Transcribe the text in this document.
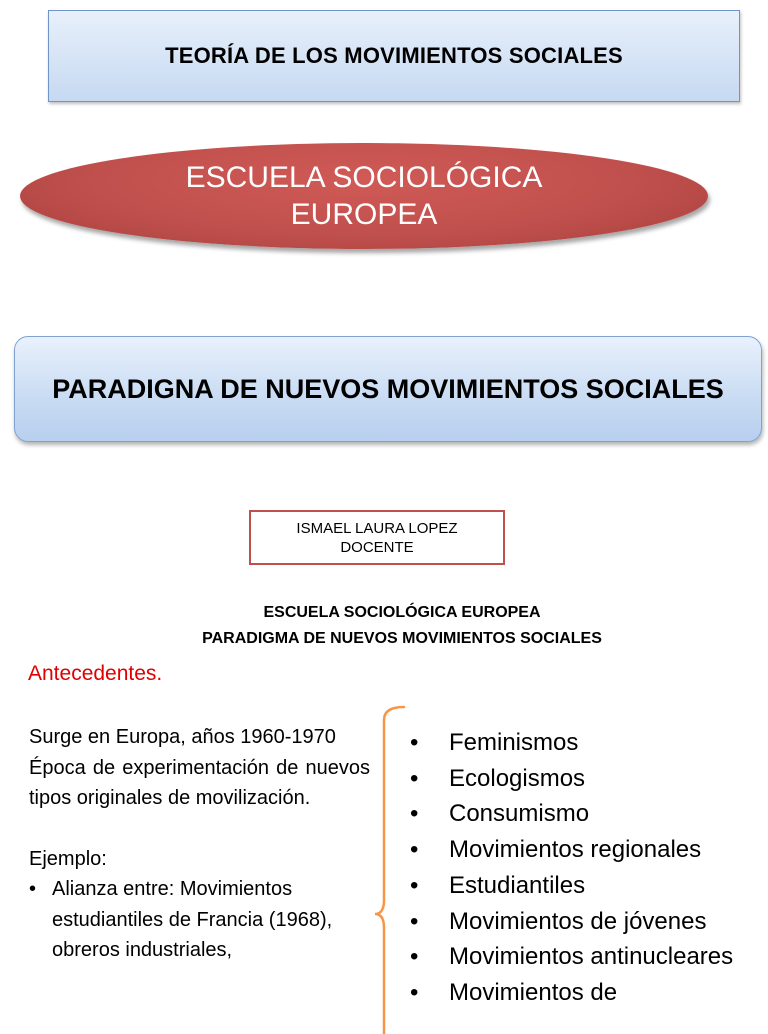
TEORÍA DE LOS MOVIMIENTOS SOCIALES
ESCUELA SOCIOLÓGICA
EUROPEA
PARADIGNA DE NUEVOS MOVIMIENTOS SOCIALES
ISMAEL LAURA LOPEZ
DOCENTE
ESCUELA SOCIOLÓGICA EUROPEA
PARADIGMA DE NUEVOS MOVIMIENTOS SOCIALES
Antecedentes.

Surge en Europa, años 1960-1970

Época de experimentación de nuevos tipos originales de movilización.

Ejemplo:

• Alianza entre: Movimientos estudiantiles de Francia (1968), obreros industriales,
• Feminismos
• Ecologismos
• Consumismo
• Movimientos regionales
• Estudiantiles
• Movimientos de jóvenes
• Movimientos antinucleares
• Movimientos de
